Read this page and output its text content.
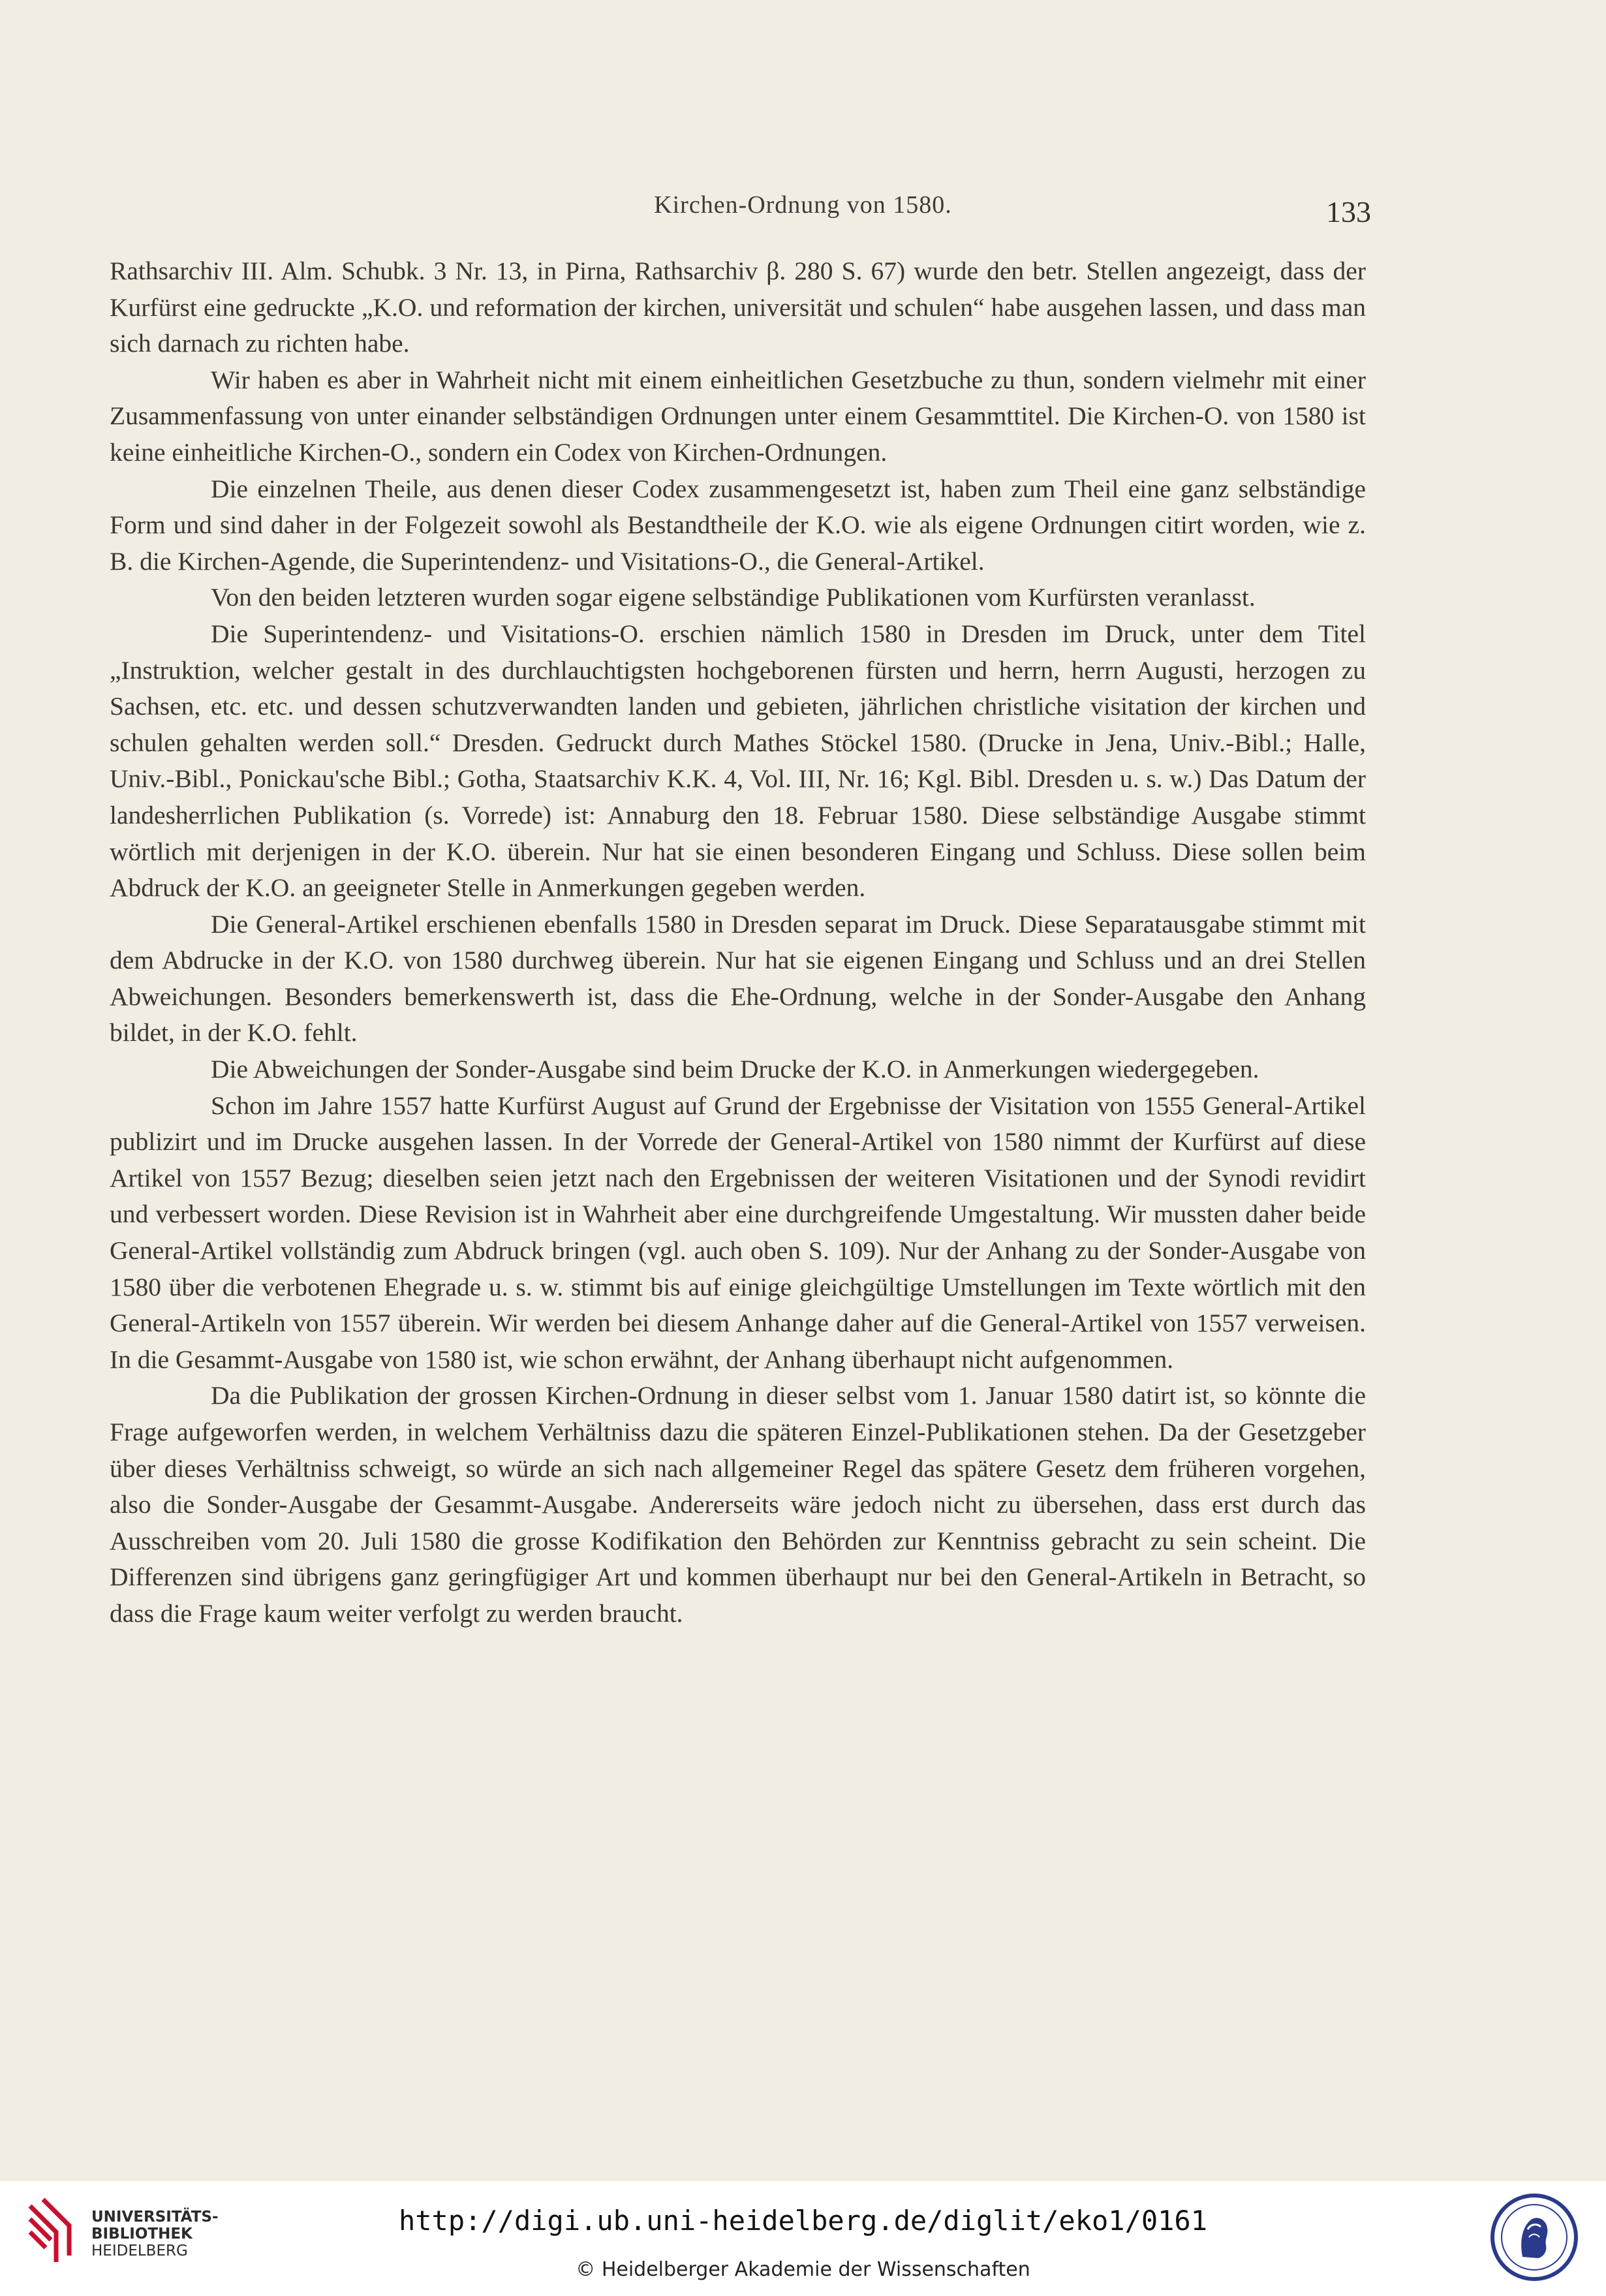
Kirchen-Ordnung von 1580.	133

Rathsarchiv III. Alm. Schubk. 3 Nr. 13, in Pirna, Rathsarchiv β. 280 S. 67) wurde den betr. Stellen angezeigt, dass der Kurfürst eine gedruckte „K.O. und reformation der kirchen, universität und schulen“ habe ausgehen lassen, und dass man sich darnach zu richten habe.

Wir haben es aber in Wahrheit nicht mit einem einheitlichen Gesetzbuche zu thun, sondern vielmehr mit einer Zusammenfassung von unter einander selbständigen Ordnungen unter einem Gesammttitel. Die Kirchen-O. von 1580 ist keine einheitliche Kirchen-O., sondern ein Codex von Kirchen-Ordnungen.

Die einzelnen Theile, aus denen dieser Codex zusammengesetzt ist, haben zum Theil eine ganz selbständige Form und sind daher in der Folgezeit sowohl als Bestandtheile der K.O. wie als eigene Ordnungen citirt worden, wie z. B. die Kirchen-Agende, die Superintendenz- und Visitations-O., die General-Artikel.

Von den beiden letzteren wurden sogar eigene selbständige Publikationen vom Kurfürsten veranlasst.

Die Superintendenz- und Visitations-O. erschien nämlich 1580 in Dresden im Druck, unter dem Titel „Instruktion, welcher gestalt in des durchlauchtigsten hochgeborenen fürsten und herrn, herrn Augusti, herzogen zu Sachsen, etc. etc. und dessen schutzverwandten landen und gebieten, jährlichen christliche visitation der kirchen und schulen gehalten werden soll.“ Dresden. Gedruckt durch Mathes Stöckel 1580. (Drucke in Jena, Univ.-Bibl.; Halle, Univ.-Bibl., Ponickau'sche Bibl.; Gotha, Staatsarchiv K.K. 4, Vol. III, Nr. 16; Kgl. Bibl. Dresden u. s. w.) Das Datum der landesherrlichen Publikation (s. Vorrede) ist: Annaburg den 18. Februar 1580. Diese selbständige Ausgabe stimmt wörtlich mit derjenigen in der K.O. überein. Nur hat sie einen besonderen Eingang und Schluss. Diese sollen beim Abdruck der K.O. an geeigneter Stelle in Anmerkungen gegeben werden.

Die General-Artikel erschienen ebenfalls 1580 in Dresden separat im Druck. Diese Separatausgabe stimmt mit dem Abdrucke in der K.O. von 1580 durchweg überein. Nur hat sie eigenen Eingang und Schluss und an drei Stellen Abweichungen. Besonders bemerkenswerth ist, dass die Ehe-Ordnung, welche in der Sonder-Ausgabe den Anhang bildet, in der K.O. fehlt.

Die Abweichungen der Sonder-Ausgabe sind beim Drucke der K.O. in Anmerkungen wiedergegeben.

Schon im Jahre 1557 hatte Kurfürst August auf Grund der Ergebnisse der Visitation von 1555 General-Artikel publizirt und im Drucke ausgehen lassen. In der Vorrede der General-Artikel von 1580 nimmt der Kurfürst auf diese Artikel von 1557 Bezug; dieselben seien jetzt nach den Ergebnissen der weiteren Visitationen und der Synodi revidirt und verbessert worden. Diese Revision ist in Wahrheit aber eine durchgreifende Umgestaltung. Wir mussten daher beide General-Artikel vollständig zum Abdruck bringen (vgl. auch oben S. 109). Nur der Anhang zu der Sonder-Ausgabe von 1580 über die verbotenen Ehegrade u. s. w. stimmt bis auf einige gleichgültige Umstellungen im Texte wörtlich mit den General-Artikeln von 1557 überein. Wir werden bei diesem Anhange daher auf die General-Artikel von 1557 verweisen. In die Gesammt-Ausgabe von 1580 ist, wie schon erwähnt, der Anhang überhaupt nicht aufgenommen.

Da die Publikation der grossen Kirchen-Ordnung in dieser selbst vom 1. Januar 1580 datirt ist, so könnte die Frage aufgeworfen werden, in welchem Verhältniss dazu die späteren Einzel-Publikationen stehen. Da der Gesetzgeber über dieses Verhältniss schweigt, so würde an sich nach allgemeiner Regel das spätere Gesetz dem früheren vorgehen, also die Sonder-Ausgabe der Gesammt-Ausgabe. Andererseits wäre jedoch nicht zu übersehen, dass erst durch das Ausschreiben vom 20. Juli 1580 die grosse Kodifikation den Behörden zur Kenntniss gebracht zu sein scheint. Die Differenzen sind übrigens ganz geringfügiger Art und kommen überhaupt nur bei den General-Artikeln in Betracht, so dass die Frage kaum weiter verfolgt zu werden braucht.

UNIVERSITÄTS-
BIBLIOTHEK
HEIDELBERG
http://digi.ub.uni-heidelberg.de/diglit/eko1/0161
© Heidelberger Akademie der Wissenschaften
